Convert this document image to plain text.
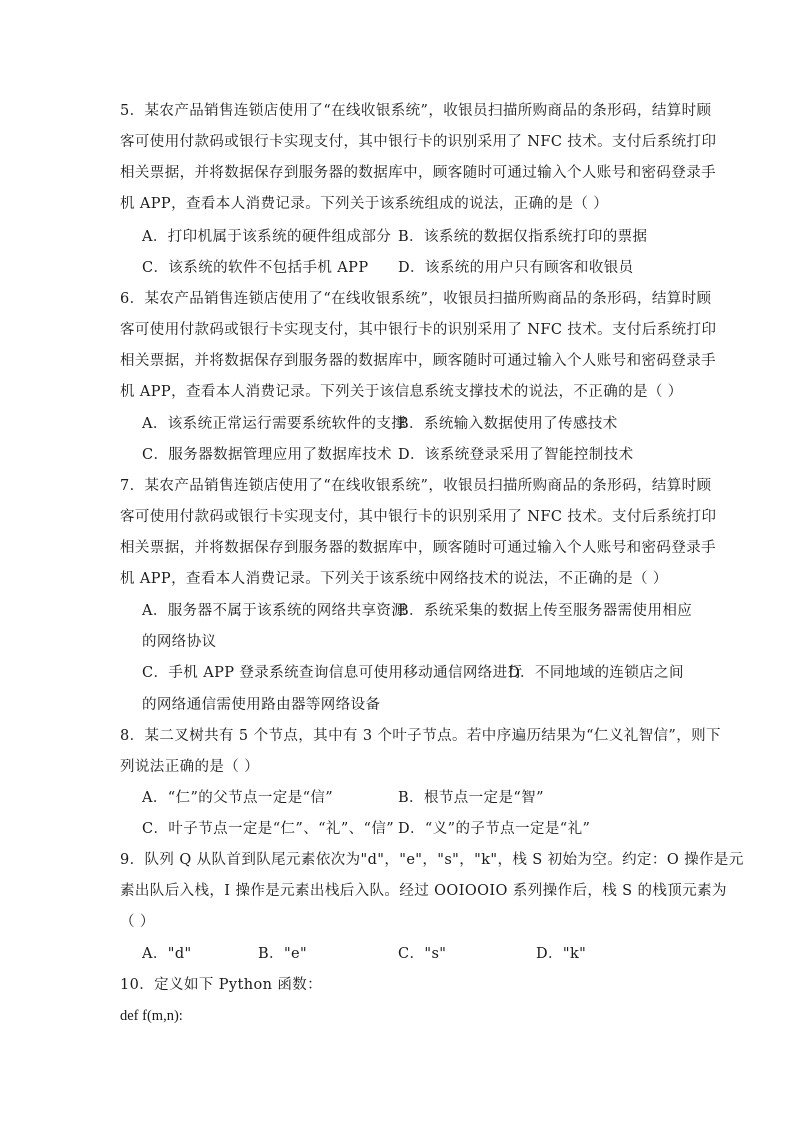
5．某农产品销售连锁店使用了“在线收银系统”，收银员扫描所购商品的条形码，结算时顾
客可使用付款码或银行卡实现支付，其中银行卡的识别采用了 NFC 技术。支付后系统打印
相关票据，并将数据保存到服务器的数据库中，顾客随时可通过输入个人账号和密码登录手
机 APP，查看本人消费记录。下列关于该系统组成的说法，正确的是（ ）
A．打印机属于该系统的硬件组成部分 B．该系统的数据仅指系统打印的票据
C．该系统的软件不包括手机 APP D．该系统的用户只有顾客和收银员
6．某农产品销售连锁店使用了“在线收银系统”，收银员扫描所购商品的条形码，结算时顾
客可使用付款码或银行卡实现支付，其中银行卡的识别采用了 NFC 技术。支付后系统打印
相关票据，并将数据保存到服务器的数据库中，顾客随时可通过输入个人账号和密码登录手
机 APP，查看本人消费记录。下列关于该信息系统支撑技术的说法，不正确的是（ ）
A．该系统正常运行需要系统软件的支撑
B．系统输入数据使用了传感技术
C．服务器数据管理应用了数据库技术 D．该系统登录采用了智能控制技术
7．某农产品销售连锁店使用了“在线收银系统”，收银员扫描所购商品的条形码，结算时顾
客可使用付款码或银行卡实现支付，其中银行卡的识别采用了 NFC 技术。支付后系统打印
相关票据，并将数据保存到服务器的数据库中，顾客随时可通过输入个人账号和密码登录手
机 APP，查看本人消费记录。下列关于该系统中网络技术的说法，不正确的是（ ）
A．服务器不属于该系统的网络共享资源
B．系统采集的数据上传至服务器需使用相应
的网络协议
C．手机 APP 登录系统查询信息可使用移动通信网络进行
D．不同地域的连锁店之间
的网络通信需使用路由器等网络设备
8．某二叉树共有 5 个节点，其中有 3 个叶子节点。若中序遍历结果为“仁义礼智信”，则下
列说法正确的是（ ）
A．“仁”的父节点一定是“信”	B．根节点一定是“智”
C．叶子节点一定是“仁”、“礼”、“信” D．“义”的子节点一定是“礼”
9．队列 Q 从队首到队尾元素依次为"d"，"e"，"s"，"k"，栈 S 初始为空。约定：O 操作是元
素出队后入栈，I 操作是元素出栈后入队。经过 OOIOOIO 系列操作后，栈 S 的栈顶元素为
（ ）
A．"d"	B．"e"	C．"s"	D．"k"
10．定义如下 Python 函数：
def f(m,n):
